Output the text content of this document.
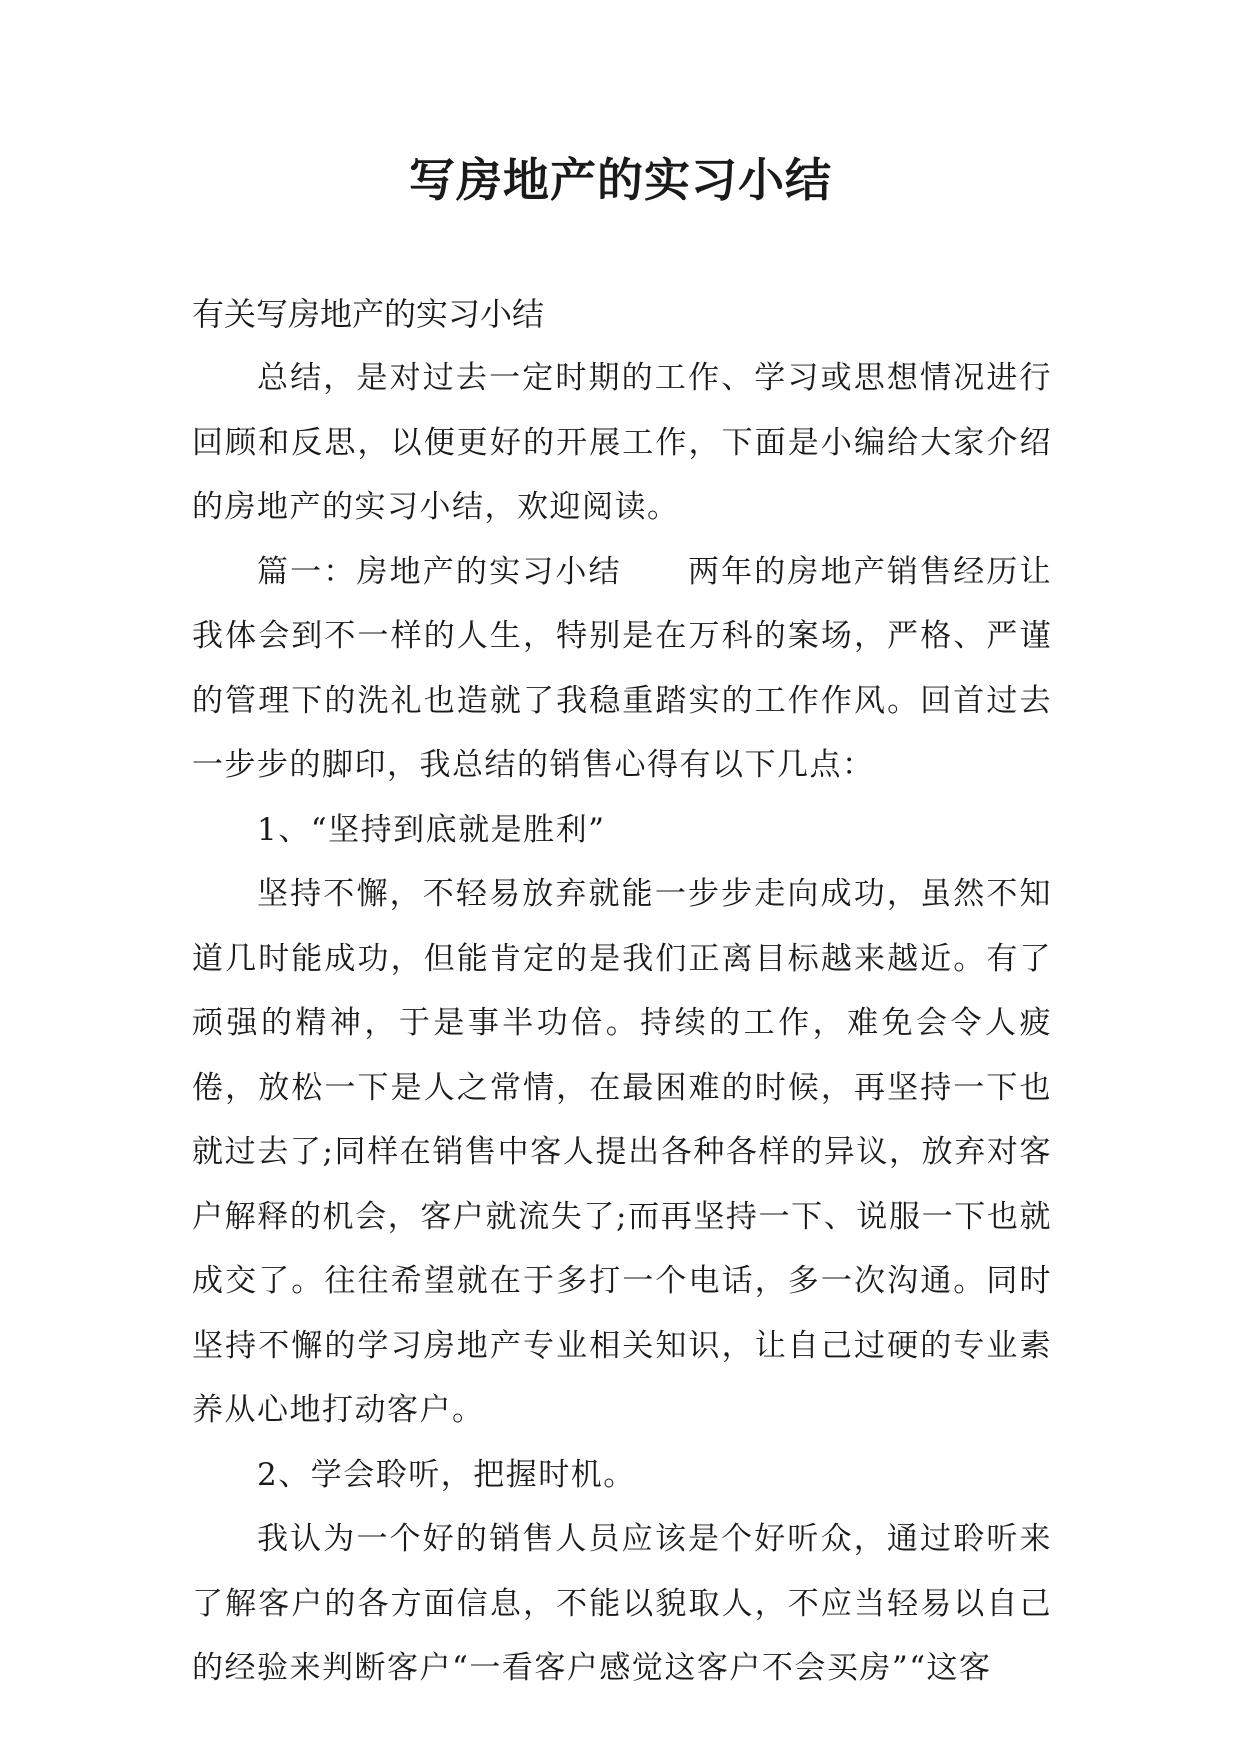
写房地产的实习小结

有关写房地产的实习小结

总结，是对过去一定时期的工作、学习或思想情况进行回顾和反思，以便更好的开展工作，下面是小编给大家介绍的房地产的实习小结，欢迎阅读。

篇一：房地产的实习小结　　两年的房地产销售经历让我体会到不一样的人生，特别是在万科的案场，严格、严谨的管理下的洗礼也造就了我稳重踏实的工作作风。回首过去一步步的脚印，我总结的销售心得有以下几点：

1、“坚持到底就是胜利”

坚持不懈，不轻易放弃就能一步步走向成功，虽然不知道几时能成功，但能肯定的是我们正离目标越来越近。有了顽强的精神，于是事半功倍。持续的工作，难免会令人疲倦，放松一下是人之常情，在最困难的时候，再坚持一下也就过去了;同样在销售中客人提出各种各样的异议，放弃对客户解释的机会，客户就流失了;而再坚持一下、说服一下也就成交了。往往希望就在于多打一个电话，多一次沟通。同时坚持不懈的学习房地产专业相关知识，让自己过硬的专业素养从心地打动客户。

2、学会聆听，把握时机。

我认为一个好的销售人员应该是个好听众，通过聆听来了解客户的各方面信息，不能以貌取人，不应当轻易以自己的经验来判断客户“一看客户感觉这客户不会买房”“这客
